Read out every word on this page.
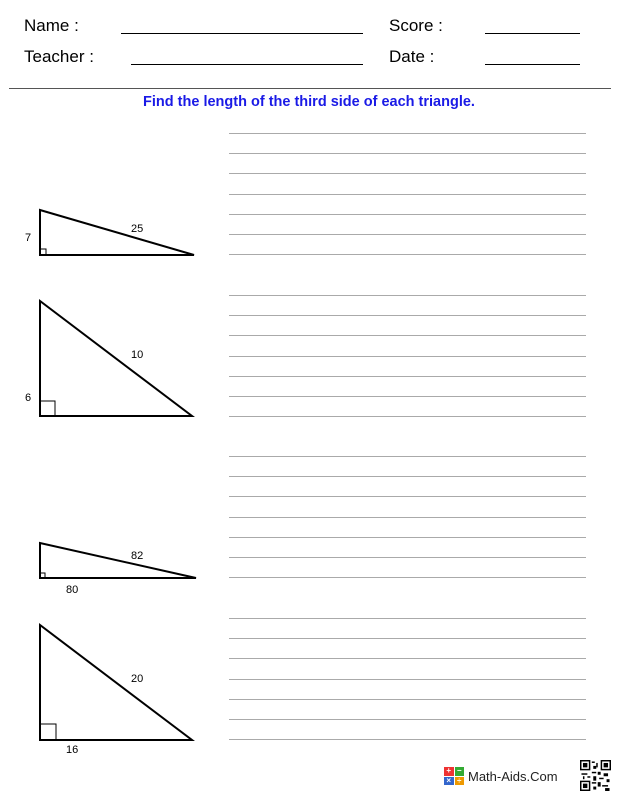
Name :	Score :
Teacher :	Date :
Find the length of the third side of each triangle.
7
25
6
10
82
80
20
16
+ −
× ÷ Math-Aids.Com
